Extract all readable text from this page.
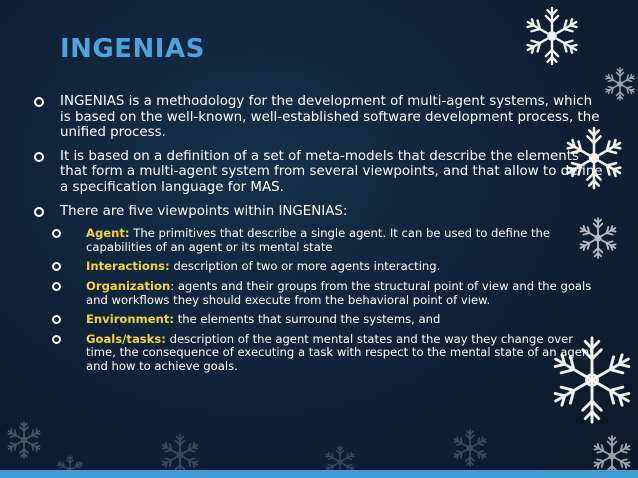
INGENIAS
INGENIAS is a methodology for the development of multi-agent systems, which is based on the well-known, well-established software development process, the unified process.
It is based on a definition of a set of meta-models that describe the elements that form a multi-agent system from several viewpoints, and that allow to define a specification language for MAS.
There are five viewpoints within INGENIAS:
Agent: The primitives that describe a single agent. It can be used to define the capabilities of an agent or its mental state
Interactions: description of two or more agents interacting.
Organization: agents and their groups from the structural point of view and the goals and workflows they should execute from the behavioral point of view.
Environment: the elements that surround the systems, and
Goals/tasks: description of the agent mental states and the way they change over time, the consequence of executing a task with respect to the mental state of an agent, and how to achieve goals.
